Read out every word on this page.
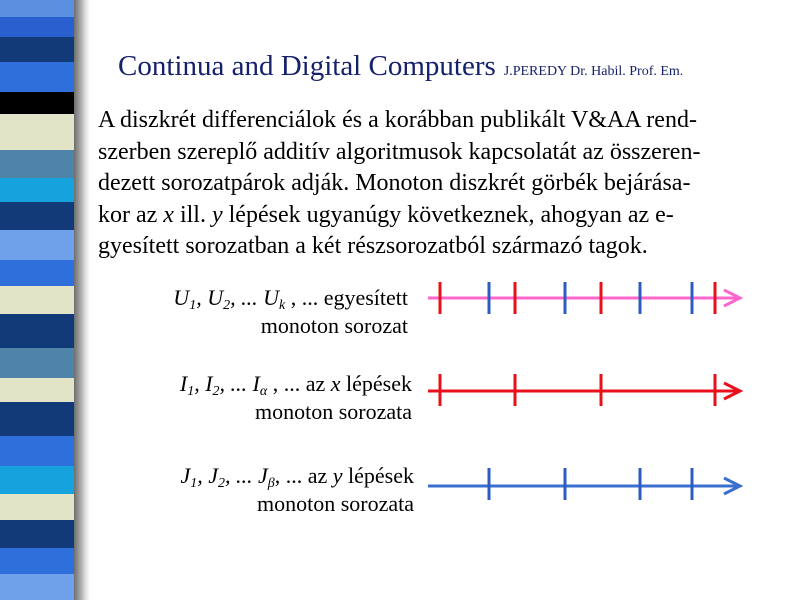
Continua and Digital Computers J.PEREDY Dr. Habil. Prof. Em.
A diszkrét differenciálok és a korábban publikált V&AA rend-
szerben szereplő additív algoritmusok kapcsolatát az összeren-
dezett sorozatpárok adják. Monoton diszkrét görbék bejárása-
kor az x ill. y lépések ugyanúgy következnek, ahogyan az e-
gyesített sorozatban a két részsorozatból származó tagok.
$U_1$, $U_2$, ... $U_k$ , ... egyesített
monoton sorozat
$I_1$, $I_2$, ... $I_\alpha$ , ... az x lépések
monoton sorozata
$J_1$, $J_2$, ... $J_\beta$, ... az y lépések
monoton sorozata
